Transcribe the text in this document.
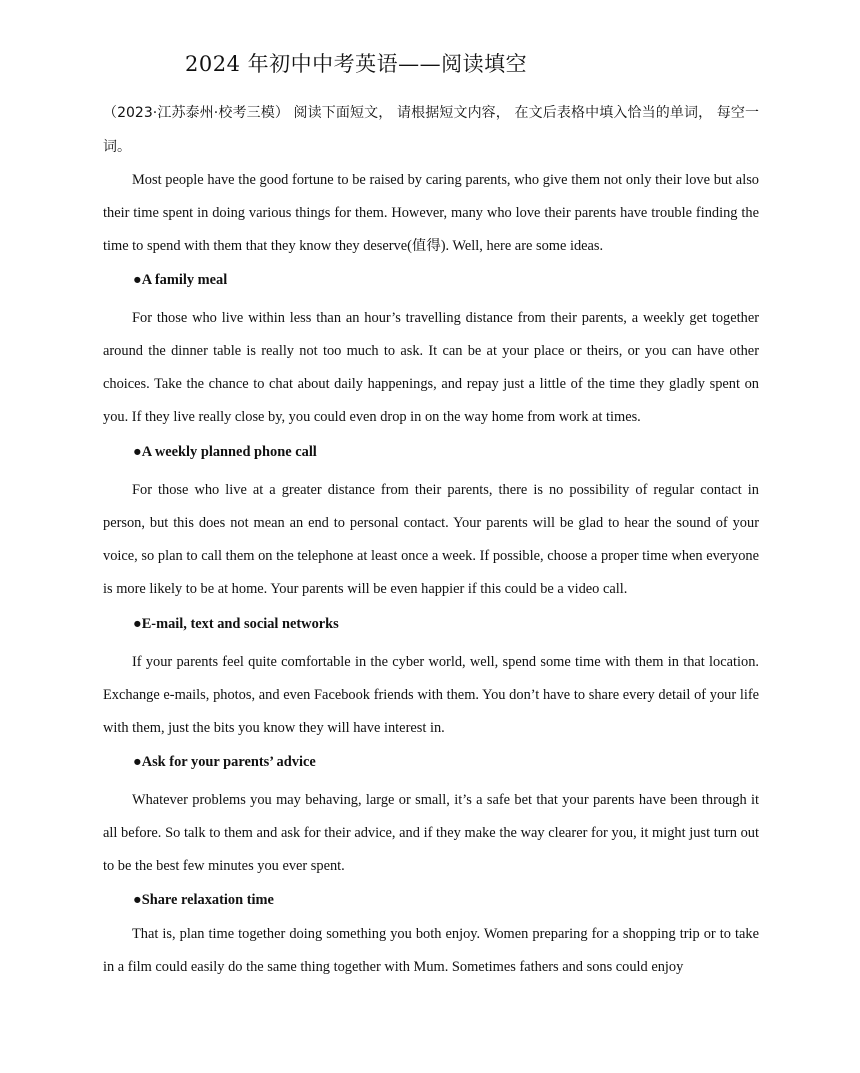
2024 年初中中考英语——阅读填空
（2023·江苏泰州·校考三模） 阅读下面短文， 请根据短文内容， 在文后表格中填入恰当的单词， 每空一词。

Most people have the good fortune to be raised by caring parents, who give them not only their love but also their time spent in doing various things for them. However, many who love their parents have trouble finding the time to spend with them that they know they deserve(值得). Well, here are some ideas.

●A family meal

For those who live within less than an hour’s travelling distance from their parents, a weekly get together around the dinner table is really not too much to ask. It can be at your place or theirs, or you can have other choices. Take the chance to chat about daily happenings, and repay just a little of the time they gladly spent on you. If they live really close by, you could even drop in on the way home from work at times.

●A weekly planned phone call

For those who live at a greater distance from their parents, there is no possibility of regular contact in person, but this does not mean an end to personal contact. Your parents will be glad to hear the sound of your voice, so plan to call them on the telephone at least once a week. If possible, choose a proper time when everyone is more likely to be at home. Your parents will be even happier if this could be a video call.

●E-mail, text and social networks

If your parents feel quite comfortable in the cyber world, well, spend some time with them in that location. Exchange e-mails, photos, and even Facebook friends with them. You don’t have to share every detail of your life with them, just the bits you know they will have interest in.

●Ask for your parents’ advice

Whatever problems you may behaving, large or small, it’s a safe bet that your parents have been through it all before. So talk to them and ask for their advice, and if they make the way clearer for you, it might just turn out to be the best few minutes you ever spent.

●Share relaxation time

That is, plan time together doing something you both enjoy. Women preparing for a shopping trip or to take in a film could easily do the same thing together with Mum. Sometimes fathers and sons could enjoy
